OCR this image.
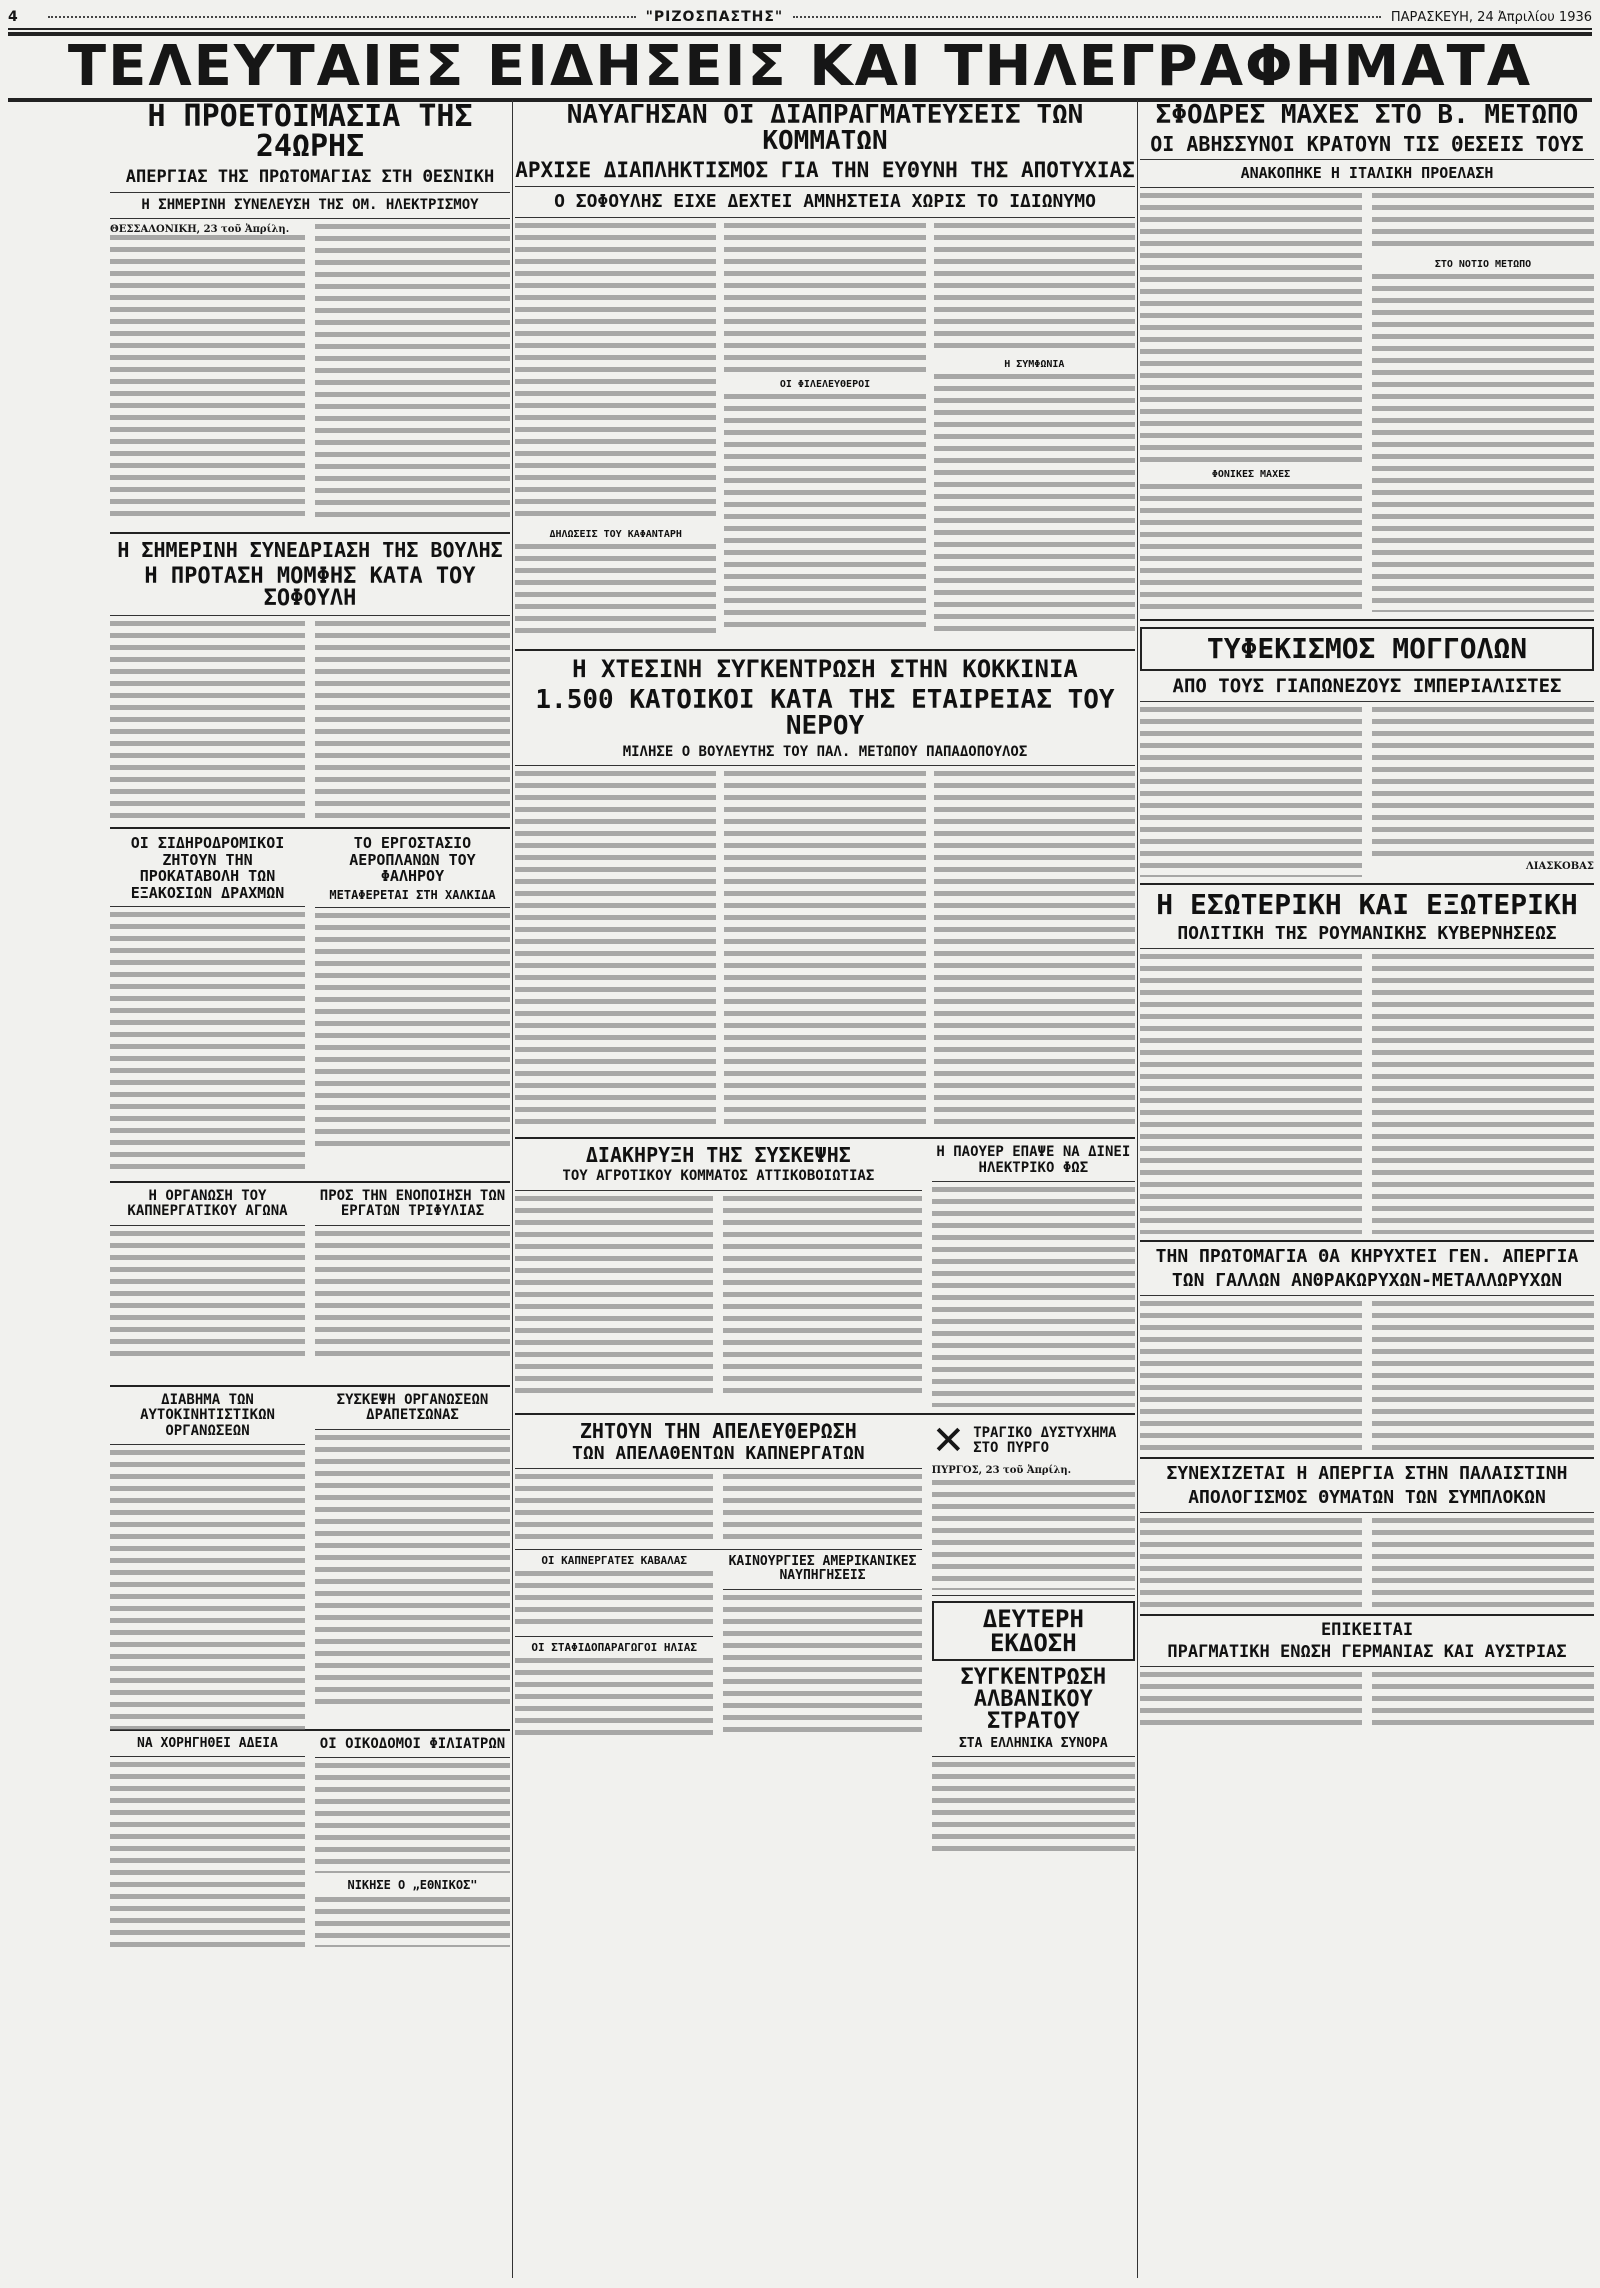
4	"ΡΙΖΟΣΠΑΣΤΗΣ"	ΠΑΡΑΣΚΕΥΗ, 24 Ἀπριλίου 1936
ΤΕΛΕΥΤΑΙΕΣ ΕΙΔΗΣΕΙΣ ΚΑΙ ΤΗΛΕΓΡΑΦΗΜΑΤΑ

Η ΠΡΟΕΤΟΙΜΑΣΙΑ ΤΗΣ 24ΩΡΗΣ

ΑΠΕΡΓΙΑΣ ΤΗΣ ΠΡΩΤΟΜΑΓΙΑΣ ΣΤΗ ΘΕΣΝΙΚΗ

Η ΣΗΜΕΡΙΝΗ ΣΥΝΕΛΕΥΣΗ ΤΗΣ ΟΜ. ΗΛΕΚΤΡΙΣΜΟΥ

ΘΕΣΣΑΛΟΝΙΚΗ, 23 τοῦ Ἀπρίλη.

Η ΣΗΜΕΡΙΝΗ ΣΥΝΕΔΡΙΑΣΗ ΤΗΣ ΒΟΥΛΗΣ

Η ΠΡΟΤΑΣΗ ΜΟΜΦΗΣ ΚΑΤΑ ΤΟΥ ΣΟΦΟΥΛΗ

ΟΙ ΣΙΔΗΡΟΔΡΟΜΙΚΟΙ ΖΗΤΟΥΝ ΤΗΝ ΠΡΟΚΑΤΑΒΟΛΗ ΤΩΝ ΕΞΑΚΟΣΙΩΝ ΔΡΑΧΜΩΝ

ΤΟ ΕΡΓΟΣΤΑΣΙΟ ΑΕΡΟΠΛΑΝΩΝ ΤΟΥ ΦΑΛΗΡΟΥ

ΜΕΤΑΦΕΡΕΤΑΙ ΣΤΗ ΧΑΛΚΙΔΑ

Η ΟΡΓΑΝΩΣΗ ΤΟΥ ΚΑΠΝΕΡΓΑΤΙΚΟΥ ΑΓΩΝΑ

ΠΡΟΣ ΤΗΝ ΕΝΟΠΟΙΗΣΗ ΤΩΝ ΕΡΓΑΤΩΝ ΤΡΙΦΥΛΙΑΣ

ΔΙΑΒΗΜΑ ΤΩΝ ΑΥΤΟΚΙΝΗΤΙΣΤΙΚΩΝ ΟΡΓΑΝΩΣΕΩΝ

ΣΥΣΚΕΨΗ ΟΡΓΑΝΩΣΕΩΝ ΔΡΑΠΕΤΣΩΝΑΣ

ΝΑ ΧΟΡΗΓΗΘΕΙ ΑΔΕΙΑ	ΟΙ ΟΙΚΟΔΟΜΟΙ ΦΙΛΙΑΤΡΩΝ

ΝΙΚΗΣΕ Ο „ΕΘΝΙΚΟΣ"

ΝΑΥΑΓΗΣΑΝ ΟΙ ΔΙΑΠΡΑΓΜΑΤΕΥΣΕΙΣ ΤΩΝ ΚΟΜΜΑΤΩΝ

ΑΡΧΙΣΕ ΔΙΑΠΛΗΚΤΙΣΜΟΣ ΓΙΑ ΤΗΝ ΕΥΘΥΝΗ ΤΗΣ ΑΠΟΤΥΧΙΑΣ

Ο ΣΟΦΟΥΛΗΣ ΕΙΧΕ ΔΕΧΤΕΙ ΑΜΝΗΣΤΕΙΑ ΧΩΡΙΣ ΤΟ ΙΔΙΩΝΥΜΟ

ΔΗΛΩΣΕΙΣ ΤΟΥ ΚΑΦΑΝΤΑΡΗ

ΟΙ ΦΙΛΕΛΕΥΘΕΡΟΙ

Η ΣΥΜΦΩΝΙΑ

Η ΧΤΕΣΙΝΗ ΣΥΓΚΕΝΤΡΩΣΗ ΣΤΗΝ ΚΟΚΚΙΝΙΑ

1.500 ΚΑΤΟΙΚΟΙ ΚΑΤΑ ΤΗΣ ΕΤΑΙΡΕΙΑΣ ΤΟΥ ΝΕΡΟΥ

ΜΙΛΗΣΕ Ο ΒΟΥΛΕΥΤΗΣ ΤΟΥ ΠΑΛ. ΜΕΤΩΠΟΥ ΠΑΠΑΔΟΠΟΥΛΟΣ

ΔΙΑΚΗΡΥΞΗ ΤΗΣ ΣΥΣΚΕΨΗΣ

ΤΟΥ ΑΓΡΟΤΙΚΟΥ ΚΟΜΜΑΤΟΣ ΑΤΤΙΚΟΒΟΙΩΤΙΑΣ

Η ΠΑΟΥΕΡ ΕΠΑΨΕ ΝΑ ΔΙΝΕΙ ΗΛΕΚΤΡΙΚΟ ΦΩΣ

ΖΗΤΟΥΝ ΤΗΝ ΑΠΕΛΕΥΘΕΡΩΣΗ

ΤΩΝ ΑΠΕΛΑΘΕΝΤΩΝ ΚΑΠΝΕΡΓΑΤΩΝ

ΟΙ ΚΑΠΝΕΡΓΑΤΕΣ ΚΑΒΑΛΑΣ

ΟΙ ΣΤΑΦΙΔΟΠΑΡΑΓΩΓΟΙ ΗΛΙΑΣ

ΚΑΙΝΟΥΡΓΙΕΣ ΑΜΕΡΙΚΑΝΙΚΕΣ ΝΑΥΠΗΓΗΣΕΙΣ

✕ ΤΡΑΓΙΚΟ ΔΥΣΤΥΧΗΜΑ ΣΤΟ ΠΥΡΓΟ

ΠΥΡΓΟΣ, 23 τοῦ Ἀπρίλη.

ΔΕΥΤΕΡΗ ΕΚΔΟΣΗ

ΣΥΓΚΕΝΤΡΩΣΗ ΑΛΒΑΝΙΚΟΥ ΣΤΡΑΤΟΥ

ΣΤΑ ΕΛΛΗΝΙΚΑ ΣΥΝΟΡΑ

ΣΦΟΔΡΕΣ ΜΑΧΕΣ ΣΤΟ Β. ΜΕΤΩΠΟ

ΟΙ ΑΒΗΣΣΥΝΟΙ ΚΡΑΤΟΥΝ ΤΙΣ ΘΕΣΕΙΣ ΤΟΥΣ

ΑΝΑΚΟΠΗΚΕ Η ΙΤΑΛΙΚΗ ΠΡΟΕΛΑΣΗ

ΦΟΝΙΚΕΣ ΜΑΧΕΣ

ΣΤΟ ΝΟΤΙΟ ΜΕΤΩΠΟ

ΤΥΦΕΚΙΣΜΟΣ ΜΟΓΓΟΛΩΝ

ΑΠΟ ΤΟΥΣ ΓΙΑΠΩΝΕΖΟΥΣ ΙΜΠΕΡΙΑΛΙΣΤΕΣ

ΛΙΑΣΚΟΒΑΣ

Η ΕΣΩΤΕΡΙΚΗ ΚΑΙ ΕΞΩΤΕΡΙΚΗ

ΠΟΛΙΤΙΚΗ ΤΗΣ ΡΟΥΜΑΝΙΚΗΣ ΚΥΒΕΡΝΗΣΕΩΣ

ΤΗΝ ΠΡΩΤΟΜΑΓΙΑ ΘΑ ΚΗΡΥΧΤΕΙ ΓΕΝ. ΑΠΕΡΓΙΑ

ΤΩΝ ΓΑΛΛΩΝ ΑΝΘΡΑΚΩΡΥΧΩΝ-ΜΕΤΑΛΛΩΡΥΧΩΝ

ΣΥΝΕΧΙΖΕΤΑΙ Η ΑΠΕΡΓΙΑ ΣΤΗΝ ΠΑΛΑΙΣΤΙΝΗ

ΑΠΟΛΟΓΙΣΜΟΣ ΘΥΜΑΤΩΝ ΤΩΝ ΣΥΜΠΛΟΚΩΝ

ΕΠΙΚΕΙΤΑΙ

ΠΡΑΓΜΑΤΙΚΗ ΕΝΩΣΗ ΓΕΡΜΑΝΙΑΣ ΚΑΙ ΑΥΣΤΡΙΑΣ
